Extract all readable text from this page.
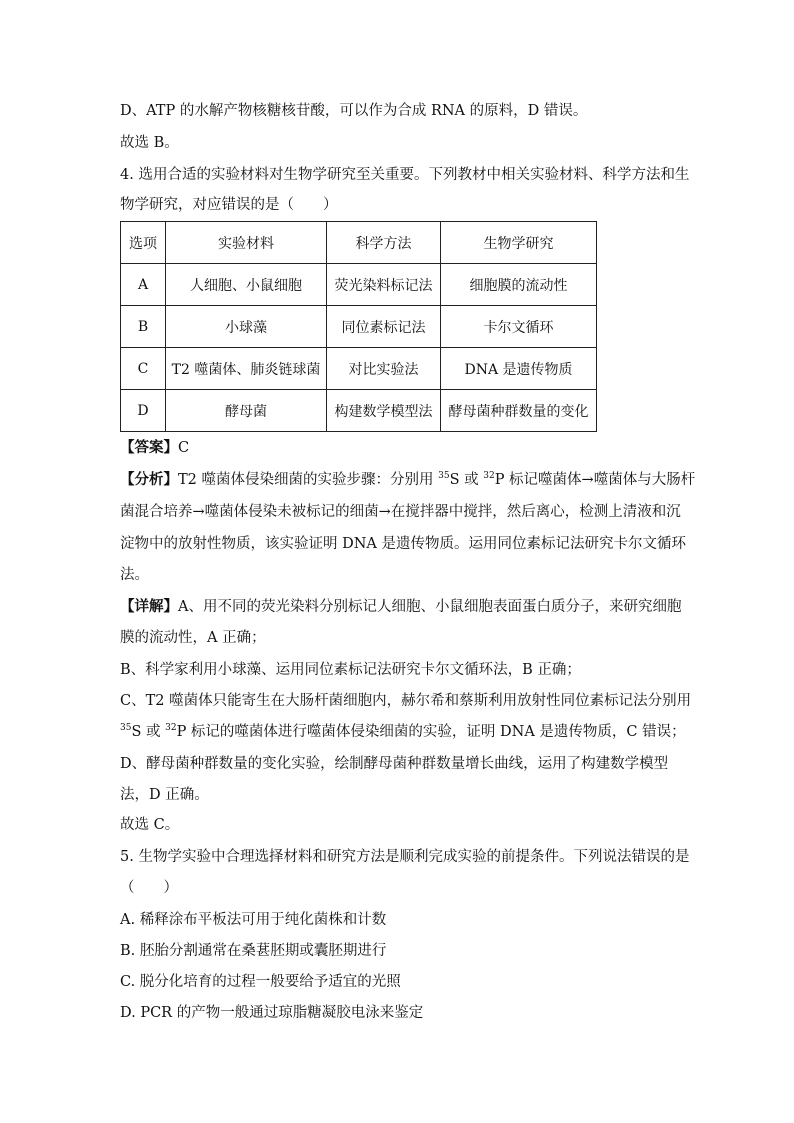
D、ATP 的水解产物核糖核苷酸，可以作为合成 RNA 的原料，D 错误。
故选 B。
4. 选用合适的实验材料对生物学研究至关重要。下列教材中相关实验材料、科学方法和生
物学研究，对应错误的是（　　）
选项	实验材料	科学方法	生物学研究
A	人细胞、小鼠细胞	荧光染料标记法	细胞膜的流动性
B	小球藻	同位素标记法	卡尔文循环
C	T2 噬菌体、肺炎链球菌	对比实验法	DNA 是遗传物质
D	酵母菌	构建数学模型法	酵母菌种群数量的变化
【答案】C
【分析】T2 噬菌体侵染细菌的实验步骤：分别用 $^{35}$S 或 $^{32}$P 标记噬菌体→噬菌体与大肠杆
菌混合培养→噬菌体侵染未被标记的细菌→在搅拌器中搅拌，然后离心，检测上清液和沉
淀物中的放射性物质，该实验证明 DNA 是遗传物质。运用同位素标记法研究卡尔文循环
法。
【详解】A、用不同的荧光染料分别标记人细胞、小鼠细胞表面蛋白质分子，来研究细胞
膜的流动性，A 正确；
B、科学家利用小球藻、运用同位素标记法研究卡尔文循环法，B 正确；
C、T2 噬菌体只能寄生在大肠杆菌细胞内，赫尔希和蔡斯利用放射性同位素标记法分别用
$^{35}$S 或 $^{32}$P 标记的噬菌体进行噬菌体侵染细菌的实验，证明 DNA 是遗传物质，C 错误；
D、酵母菌种群数量的变化实验，绘制酵母菌种群数量增长曲线，运用了构建数学模型
法，D 正确。
故选 C。
5. 生物学实验中合理选择材料和研究方法是顺利完成实验的前提条件。下列说法错误的是
（　　）
A. 稀释涂布平板法可用于纯化菌株和计数
B. 胚胎分割通常在桑葚胚期或囊胚期进行
C. 脱分化培育的过程一般要给予适宜的光照
D. PCR 的产物一般通过琼脂糖凝胶电泳来鉴定
